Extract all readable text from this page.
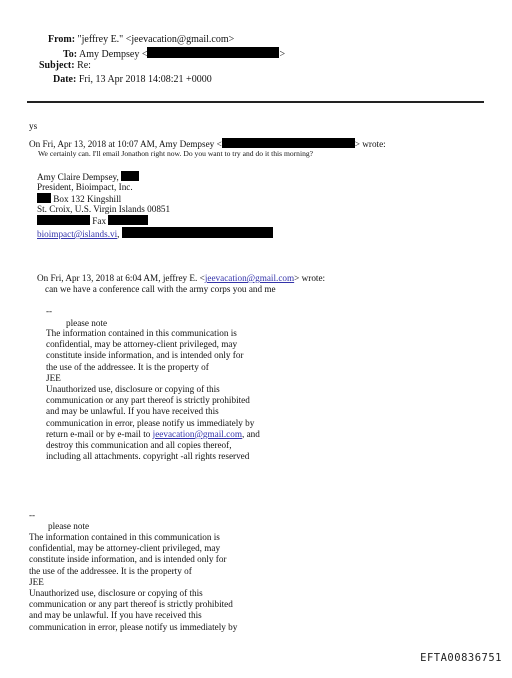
From: "jeffrey E." <jeevacation@gmail.com>
To: Amy Dempsey <	>
Subject: Re:
Date: Fri, 13 Apr 2018 14:08:21 +0000
ys
On Fri, Apr 13, 2018 at 10:07 AM, Amy Dempsey <	> wrote:
We certainly can. I'll email Jonathon right now. Do you want to try and do it this morning?
Amy Claire Dempsey,
President, Bioimpact, Inc.
Box 132 Kingshill
St. Croix, U.S. Virgin Islands 00851
Fax
bioimpact@islands.vi,
On Fri, Apr 13, 2018 at 6:04 AM, jeffrey E. <jeevacation@gmail.com> wrote:
can we have a conference call with the army corps you and me
--
please note
The information contained in this communication is
confidential, may be attorney-client privileged, may
constitute inside information, and is intended only for
the use of the addressee. It is the property of
JEE
Unauthorized use, disclosure or copying of this
communication or any part thereof is strictly prohibited
and may be unlawful. If you have received this
communication in error, please notify us immediately by
return e-mail or by e-mail to jeevacation@gmail.com, and
destroy this communication and all copies thereof,
including all attachments. copyright -all rights reserved
--
please note
The information contained in this communication is
confidential, may be attorney-client privileged, may
constitute inside information, and is intended only for
the use of the addressee. It is the property of
JEE
Unauthorized use, disclosure or copying of this
communication or any part thereof is strictly prohibited
and may be unlawful. If you have received this
communication in error, please notify us immediately by
EFTA00836751
